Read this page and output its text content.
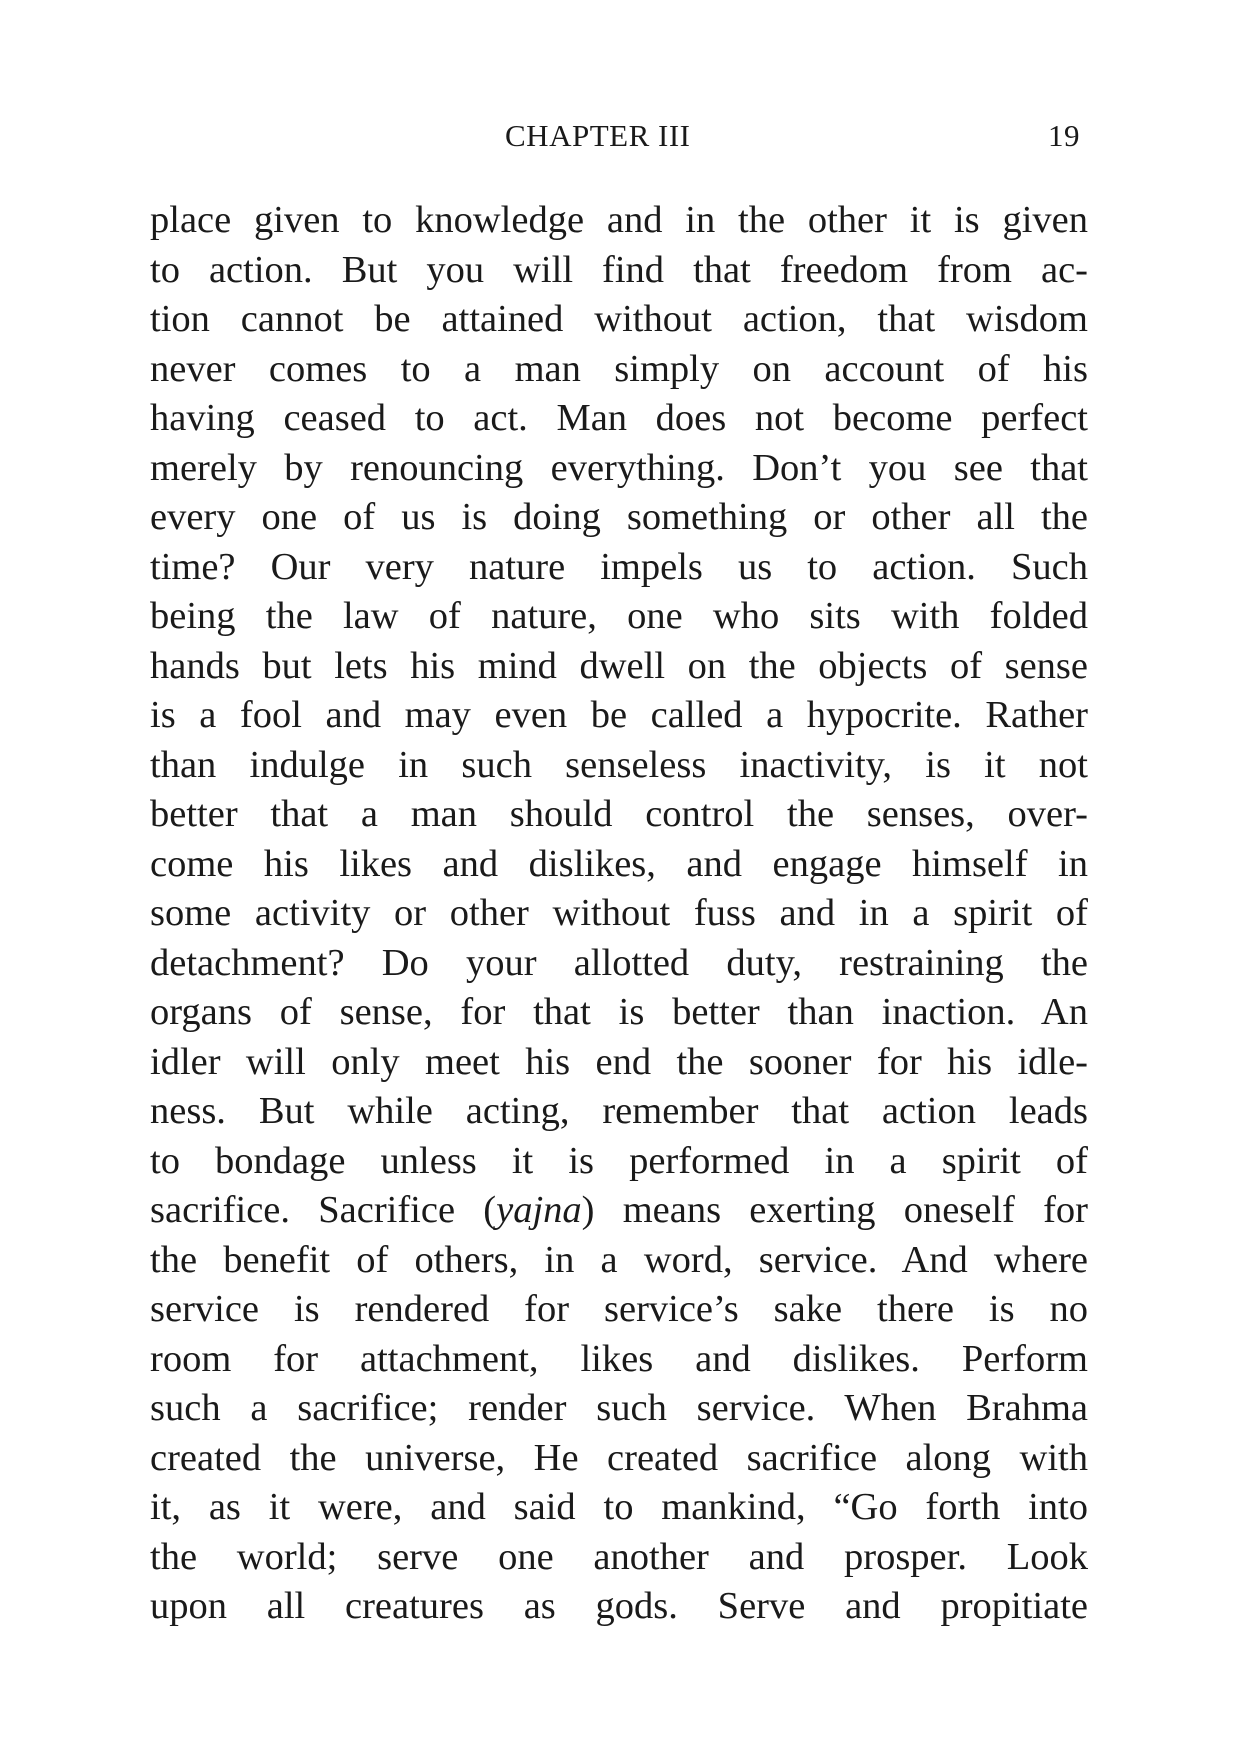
CHAPTER III	19
place given to knowledge and in the other it is given
to action. But you will find that freedom from ac-
tion cannot be attained without action, that wisdom
never comes to a man simply on account of his
having ceased to act. Man does not become perfect
merely by renouncing everything. Don’t you see that
every one of us is doing something or other all the
time? Our very nature impels us to action. Such
being the law of nature, one who sits with folded
hands but lets his mind dwell on the objects of sense
is a fool and may even be called a hypocrite. Rather
than indulge in such senseless inactivity, is it not
better that a man should control the senses, over-
come his likes and dislikes, and engage himself in
some activity or other without fuss and in a spirit of
detachment? Do your allotted duty, restraining the
organs of sense, for that is better than inaction. An
idler will only meet his end the sooner for his idle-
ness. But while acting, remember that action leads
to bondage unless it is performed in a spirit of
sacrifice. Sacrifice (yajna) means exerting oneself for
the benefit of others, in a word, service. And where
service is rendered for service’s sake there is no
room for attachment, likes and dislikes. Perform
such a sacrifice; render such service. When Brahma
created the universe, He created sacrifice along with
it, as it were, and said to mankind, “Go forth into
the world; serve one another and prosper. Look
upon all creatures as gods. Serve and propitiate
